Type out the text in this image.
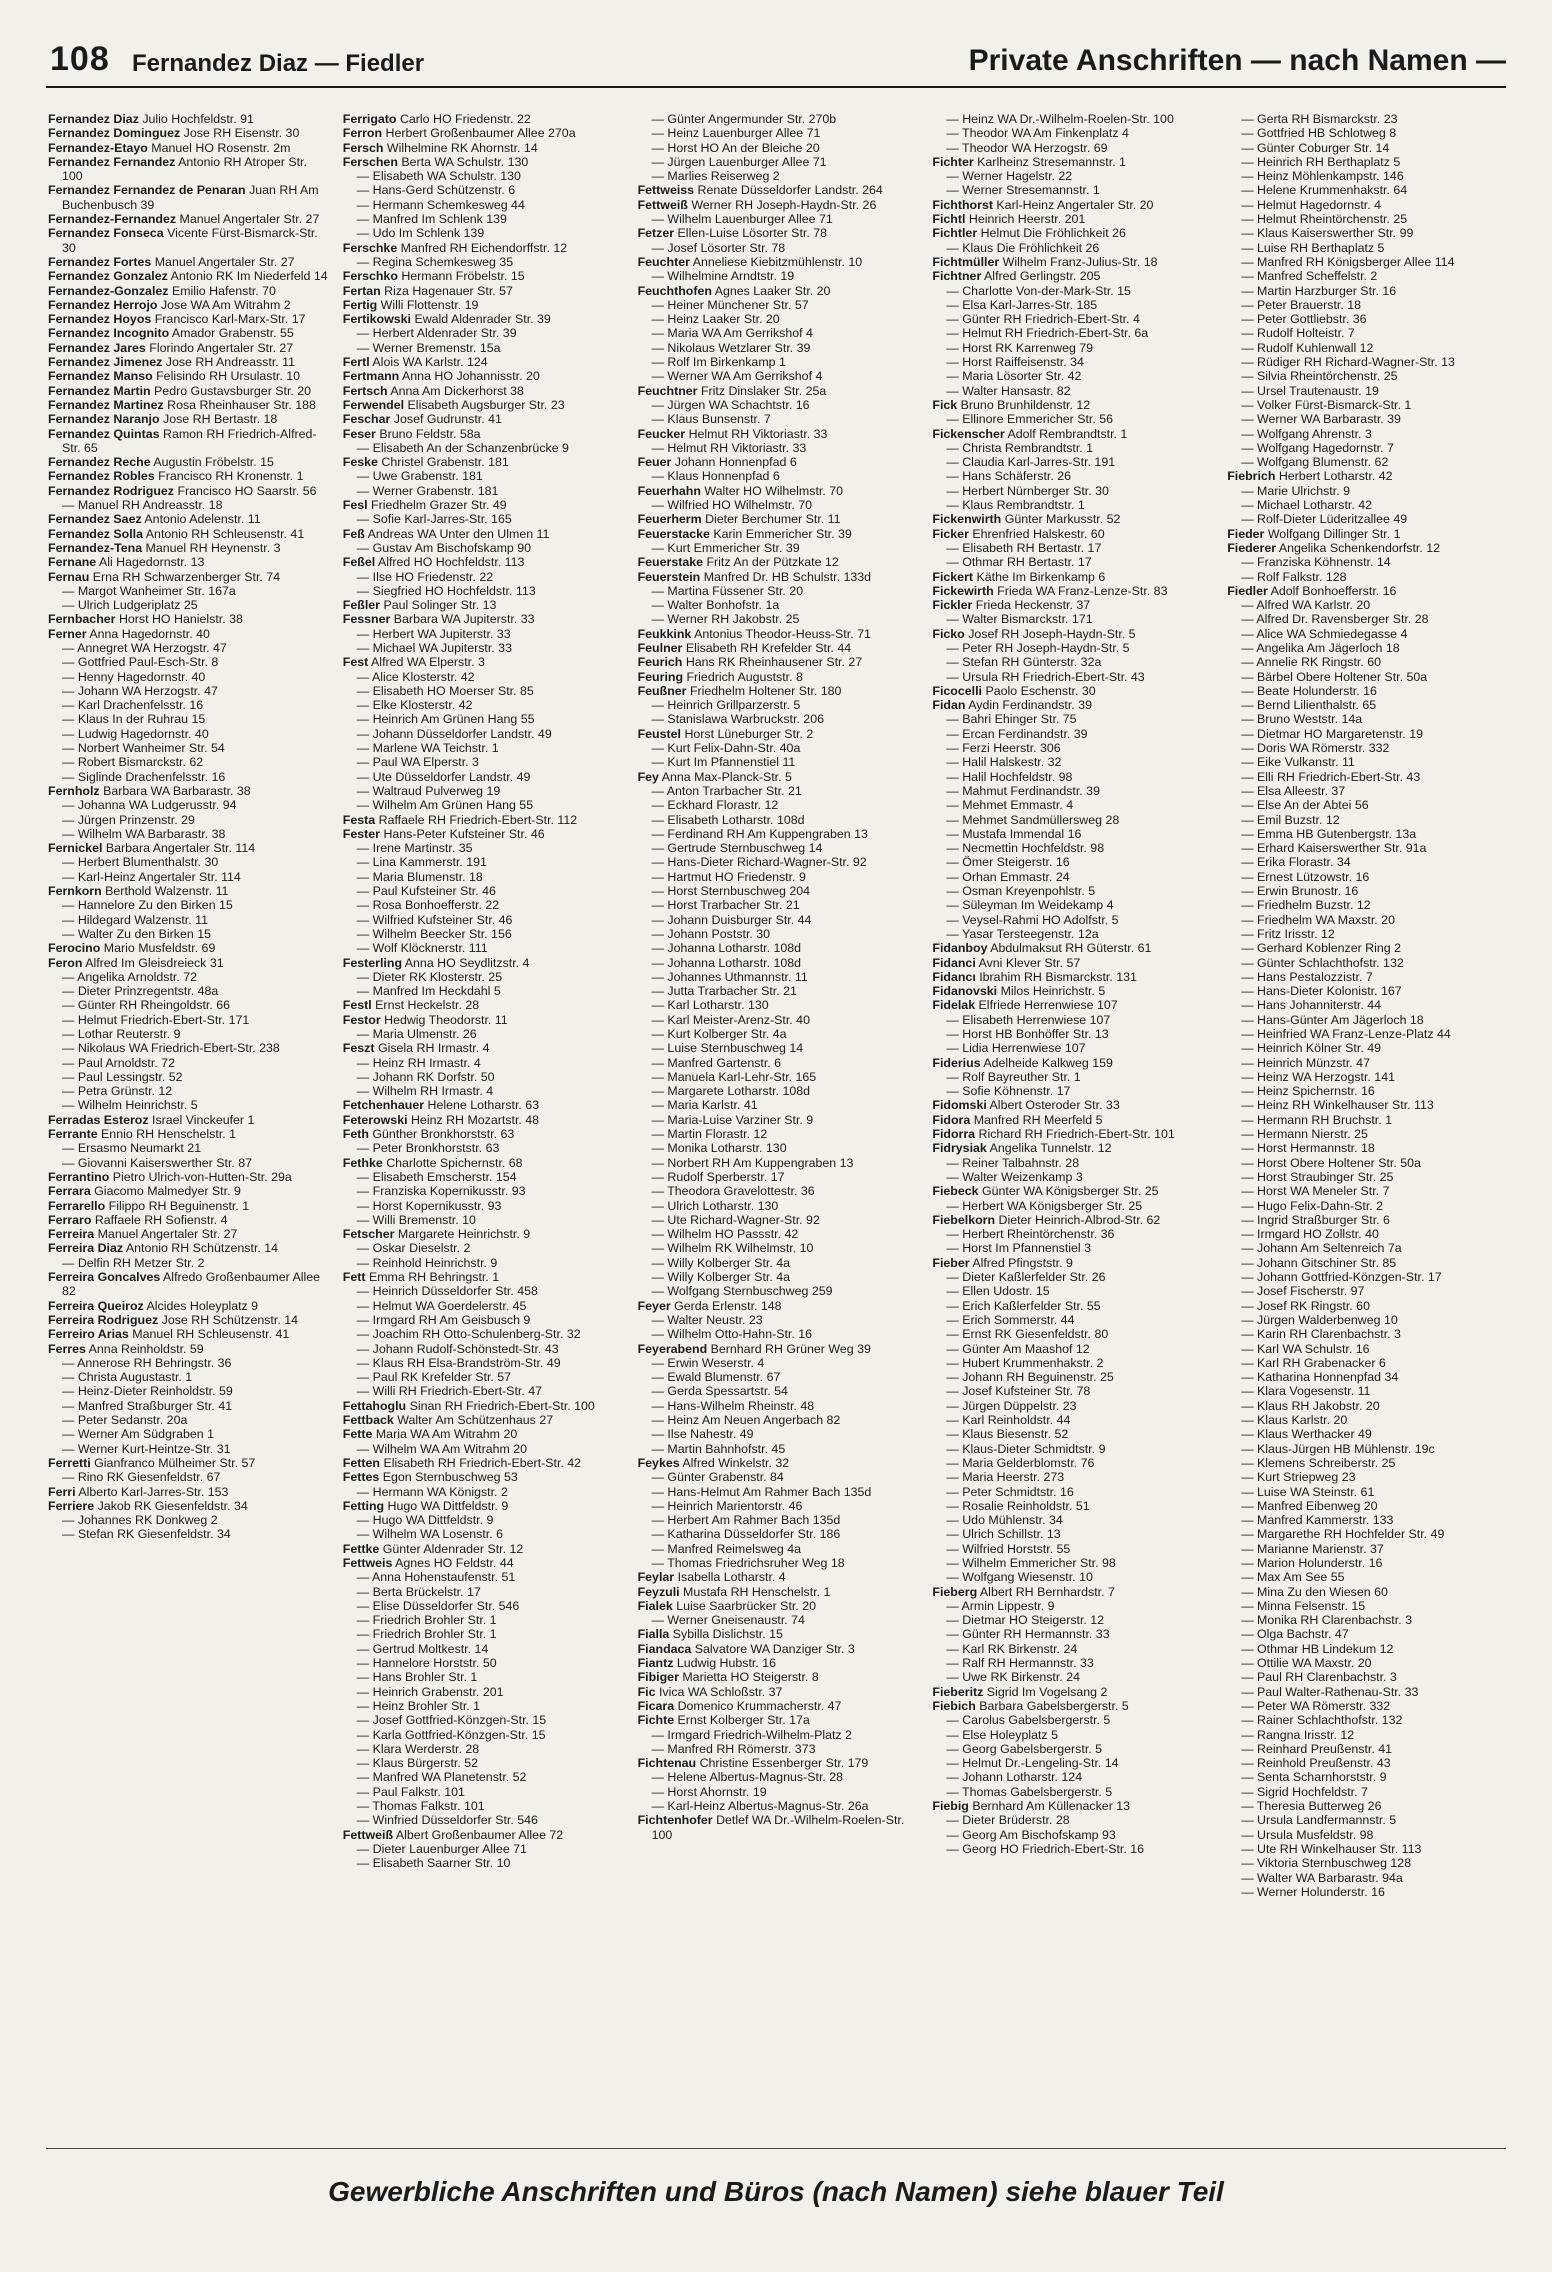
108 Fernandez Diaz — Fiedler	Private Anschriften — nach Namen —
Fernandez Diaz Julio Hochfeldstr. 91
Fernandez Dominguez Jose RH Eisenstr. 30
Fernandez-Etayo Manuel HO Rosenstr. 2m
Fernandez Fernandez Antonio RH Atroper Str. 100
Fernandez Fernandez de Penaran Juan RH Am Buchenbusch 39
Fernandez-Fernandez Manuel Angertaler Str. 27
Fernandez Fonseca Vicente Fürst-Bismarck-Str. 30
Fernandez Fortes Manuel Angertaler Str. 27
Fernandez Gonzalez Antonio RK Im Niederfeld 14
Fernandez-Gonzalez Emilio Hafenstr. 70
Fernandez Herrojo Jose WA Am Witrahm 2
Fernandez Hoyos Francisco Karl-Marx-Str. 17
Fernandez Incognito Amador Grabenstr. 55
Fernandez Jares Florindo Angertaler Str. 27
Fernandez Jimenez Jose RH Andreasstr. 11
Fernandez Manso Felisindo RH Ursulastr. 10
Fernandez Martin Pedro Gustavsburger Str. 20
Fernandez Martinez Rosa Rheinhauser Str. 188
Fernandez Naranjo Jose RH Bertastr. 18
Fernandez Quintas Ramon RH Friedrich-Alfred-Str. 65
Fernandez Reche Augustin Fröbelstr. 15
Fernandez Robles Francisco RH Kronenstr. 1
Fernandez Rodriguez Francisco HO Saarstr. 56
— Manuel RH Andreasstr. 18
Fernandez Saez Antonio Adelenstr. 11
Fernandez Solla Antonio RH Schleusenstr. 41
Fernandez-Tena Manuel RH Heynenstr. 3
Fernane Ali Hagedornstr. 13
Fernau Erna RH Schwarzenberger Str. 74
— Margot Wanheimer Str. 167a
— Ulrich Ludgeriplatz 25
Fernbacher Horst HO Hanielstr. 38
Ferner Anna Hagedornstr. 40
— Annegret WA Herzogstr. 47
— Gottfried Paul-Esch-Str. 8
— Henny Hagedornstr. 40
— Johann WA Herzogstr. 47
— Karl Drachenfelsstr. 16
— Klaus In der Ruhrau 15
— Ludwig Hagedornstr. 40
— Norbert Wanheimer Str. 54
— Robert Bismarckstr. 62
— Siglinde Drachenfelsstr. 16
Fernholz Barbara WA Barbarastr. 38
— Johanna WA Ludgerusstr. 94
— Jürgen Prinzenstr. 29
— Wilhelm WA Barbarastr. 38
Fernickel Barbara Angertaler Str. 114
— Herbert Blumenthalstr. 30
— Karl-Heinz Angertaler Str. 114
Fernkorn Berthold Walzenstr. 11
— Hannelore Zu den Birken 15
— Hildegard Walzenstr. 11
— Walter Zu den Birken 15
Ferocino Mario Musfeldstr. 69
Feron Alfred Im Gleisdreieck 31
— Angelika Arnoldstr. 72
— Dieter Prinzregentstr. 48a
— Günter RH Rheingoldstr. 66
— Helmut Friedrich-Ebert-Str. 171
— Lothar Reuterstr. 9
— Nikolaus WA Friedrich-Ebert-Str. 238
— Paul Arnoldstr. 72
— Paul Lessingstr. 52
— Petra Grünstr. 12
— Wilhelm Heinrichstr. 5
Ferradas Esteroz Israel Vinckeufer 1
Ferrante Ennio RH Henschelstr. 1
— Ersasmo Neumarkt 21
— Giovanni Kaiserswerther Str. 87
Ferrantino Pietro Ulrich-von-Hutten-Str. 29a
Ferrara Giacomo Malmedyer Str. 9
Ferrarello Filippo RH Beguinenstr. 1
Ferraro Raffaele RH Sofienstr. 4
Ferreira Manuel Angertaler Str. 27
Ferreira Diaz Antonio RH Schützenstr. 14
— Delfin RH Metzer Str. 2
Ferreira Goncalves Alfredo Großenbaumer Allee 82
Ferreira Queiroz Alcides Holeyplatz 9
Ferreira Rodriguez Jose RH Schützenstr. 14
Ferreiro Arias Manuel RH Schleusenstr. 41
Ferres Anna Reinholdstr. 59
— Annerose RH Behringstr. 36
— Christa Augustastr. 1
— Heinz-Dieter Reinholdstr. 59
— Manfred Straßburger Str. 41
— Peter Sedanstr. 20a
— Werner Am Südgraben 1
— Werner Kurt-Heintze-Str. 31
Ferretti Gianfranco Mülheimer Str. 57
— Rino RK Giesenfeldstr. 67
Ferri Alberto Karl-Jarres-Str. 153
Ferriere Jakob RK Giesenfeldstr. 34
— Johannes RK Donkweg 2
— Stefan RK Giesenfeldstr. 34
Ferrigato Carlo HO Friedenstr. 22
Ferron Herbert Großenbaumer Allee 270a
Fersch Wilhelmine RK Ahornstr. 14
Ferschen Berta WA Schulstr. 130
— Elisabeth WA Schulstr. 130
— Hans-Gerd Schützenstr. 6
— Hermann Schemkesweg 44
— Manfred Im Schlenk 139
— Udo Im Schlenk 139
Ferschke Manfred RH Eichendorffstr. 12
— Regina Schemkesweg 35
Ferschko Hermann Fröbelstr. 15
Fertan Riza Hagenauer Str. 57
Fertig Willi Flottenstr. 19
Fertikowski Ewald Aldenrader Str. 39
— Herbert Aldenrader Str. 39
— Werner Bremenstr. 15a
Fertl Alois WA Karlstr. 124
Fertmann Anna HO Johannisstr. 20
Fertsch Anna Am Dickerhorst 38
Ferwendel Elisabeth Augsburger Str. 23
Feschar Josef Gudrunstr. 41
Feser Bruno Feldstr. 58a
— Elisabeth An der Schanzenbrücke 9
Feske Christel Grabenstr. 181
— Uwe Grabenstr. 181
— Werner Grabenstr. 181
Fesl Friedhelm Grazer Str. 49
— Sofie Karl-Jarres-Str. 165
Feß Andreas WA Unter den Ulmen 11
— Gustav Am Bischofskamp 90
Feßel Alfred HO Hochfeldstr. 113
— Ilse HO Friedenstr. 22
— Siegfried HO Hochfeldstr. 113
Feßler Paul Solinger Str. 13
Fessner Barbara WA Jupiterstr. 33
— Herbert WA Jupiterstr. 33
— Michael WA Jupiterstr. 33
Fest Alfred WA Elperstr. 3
— Alice Klosterstr. 42
— Elisabeth HO Moerser Str. 85
— Elke Klosterstr. 42
— Heinrich Am Grünen Hang 55
— Johann Düsseldorfer Landstr. 49
— Marlene WA Teichstr. 1
— Paul WA Elperstr. 3
— Ute Düsseldorfer Landstr. 49
— Waltraud Pulverweg 19
— Wilhelm Am Grünen Hang 55
Festa Raffaele RH Friedrich-Ebert-Str. 112
Fester Hans-Peter Kufsteiner Str. 46
— Irene Martinstr. 35
— Lina Kammerstr. 191
— Maria Blumenstr. 18
— Paul Kufsteiner Str. 46
— Rosa Bonhoefferstr. 22
— Wilfried Kufsteiner Str. 46
— Wilhelm Beecker Str. 156
— Wolf Klöcknerstr. 111
Festerling Anna HO Seydlitzstr. 4
— Dieter RK Klosterstr. 25
— Manfred Im Heckdahl 5
Festl Ernst Heckelstr. 28
Festor Hedwig Theodorstr. 11
— Maria Ulmenstr. 26
Feszt Gisela RH Irmastr. 4
— Heinz RH Irmastr. 4
— Johann RK Dorfstr. 50
— Wilhelm RH Irmastr. 4
Fetchenhauer Helene Lotharstr. 63
Feterowski Heinz RH Mozartstr. 48
Feth Günther Bronkhorststr. 63
— Peter Bronkhorststr. 63
Fethke Charlotte Spichernstr. 68
— Elisabeth Emscherstr. 154
— Franziska Kopernikusstr. 93
— Horst Kopernikusstr. 93
— Willi Bremenstr. 10
Fetscher Margarete Heinrichstr. 9
— Oskar Dieselstr. 2
— Reinhold Heinrichstr. 9
Fett Emma RH Behringstr. 1
— Heinrich Düsseldorfer Str. 458
— Helmut WA Goerdelerstr. 45
— Irmgard RH Am Geisbusch 9
— Joachim RH Otto-Schulenberg-Str. 32
— Johann Rudolf-Schönstedt-Str. 43
— Klaus RH Elsa-Brandström-Str. 49
— Paul RK Krefelder Str. 57
— Willi RH Friedrich-Ebert-Str. 47
Fettahoglu Sinan RH Friedrich-Ebert-Str. 100
Fettback Walter Am Schützenhaus 27
Fette Maria WA Am Witrahm 20
— Wilhelm WA Am Witrahm 20
Fetten Elisabeth RH Friedrich-Ebert-Str. 42
Fettes Egon Sternbuschweg 53
— Hermann WA Königstr. 2
Fetting Hugo WA Dittfeldstr. 9
— Hugo WA Dittfeldstr. 9
— Wilhelm WA Losenstr. 6
Fettke Günter Aldenrader Str. 12
Fettweis Agnes HO Feldstr. 44
— Anna Hohenstaufenstr. 51
— Berta Brückelstr. 17
— Elise Düsseldorfer Str. 546
— Friedrich Brohler Str. 1
— Friedrich Brohler Str. 1
— Gertrud Moltkestr. 14
— Hannelore Horststr. 50
— Hans Brohler Str. 1
— Heinrich Grabenstr. 201
— Heinz Brohler Str. 1
— Josef Gottfried-Könzgen-Str. 15
— Karla Gottfried-Könzgen-Str. 15
— Klara Werderstr. 28
— Klaus Bürgerstr. 52
— Manfred WA Planetenstr. 52
— Paul Falkstr. 101
— Thomas Falkstr. 101
— Winfried Düsseldorfer Str. 546
Fettweiß Albert Großenbaumer Allee 72
— Dieter Lauenburger Allee 71
— Elisabeth Saarner Str. 10
— Günter Angermunder Str. 270b
— Heinz Lauenburger Allee 71
— Horst HO An der Bleiche 20
— Jürgen Lauenburger Allee 71
— Marlies Reiserweg 2
Fettweiss Renate Düsseldorfer Landstr. 264
Fettweiß Werner RH Joseph-Haydn-Str. 26
— Wilhelm Lauenburger Allee 71
Fetzer Ellen-Luise Lösorter Str. 78
— Josef Lösorter Str. 78
Feuchter Anneliese Kiebitzmühlenstr. 10
— Wilhelmine Arndtstr. 19
Feuchthofen Agnes Laaker Str. 20
— Heiner Münchener Str. 57
— Heinz Laaker Str. 20
— Maria WA Am Gerrikshof 4
— Nikolaus Wetzlarer Str. 39
— Rolf Im Birkenkamp 1
— Werner WA Am Gerrikshof 4
Feuchtner Fritz Dinslaker Str. 25a
— Jürgen WA Schachtstr. 16
— Klaus Bunsenstr. 7
Feucker Helmut RH Viktoriastr. 33
— Helmut RH Viktoriastr. 33
Feuer Johann Honnenpfad 6
— Klaus Honnenpfad 6
Feuerhahn Walter HO Wilhelmstr. 70
— Wilfried HO Wilhelmstr. 70
Feuerherm Dieter Berchumer Str. 11
Feuerstacke Karin Emmericher Str. 39
— Kurt Emmericher Str. 39
Feuerstake Fritz An der Pützkate 12
Feuerstein Manfred Dr. HB Schulstr. 133d
— Martina Füssener Str. 20
— Walter Bonhofstr. 1a
— Werner RH Jakobstr. 25
Feukkink Antonius Theodor-Heuss-Str. 71
Feulner Elisabeth RH Krefelder Str. 44
Feurich Hans RK Rheinhausener Str. 27
Feuring Friedrich Auguststr. 8
Feußner Friedhelm Holtener Str. 180
— Heinrich Grillparzerstr. 5
— Stanislawa Warbruckstr. 206
Feustel Horst Lüneburger Str. 2
— Kurt Felix-Dahn-Str. 40a
— Kurt Im Pfannenstiel 11
Fey Anna Max-Planck-Str. 5
— Anton Trarbacher Str. 21
— Eckhard Florastr. 12
— Elisabeth Lotharstr. 108d
— Ferdinand RH Am Kuppengraben 13
— Gertrude Sternbuschweg 14
— Hans-Dieter Richard-Wagner-Str. 92
— Hartmut HO Friedenstr. 9
— Horst Sternbuschweg 204
— Horst Trarbacher Str. 21
— Johann Duisburger Str. 44
— Johann Poststr. 30
— Johanna Lotharstr. 108d
— Johanna Lotharstr. 108d
— Johannes Uthmannstr. 11
— Jutta Trarbacher Str. 21
— Karl Lotharstr. 130
— Karl Meister-Arenz-Str. 40
— Kurt Kolberger Str. 4a
— Luise Sternbuschweg 14
— Manfred Gartenstr. 6
— Manuela Karl-Lehr-Str. 165
— Margarete Lotharstr. 108d
— Maria Karlstr. 41
— Maria-Luise Varziner Str. 9
— Martin Florastr. 12
— Monika Lotharstr. 130
— Norbert RH Am Kuppengraben 13
— Rudolf Sperberstr. 17
— Theodora Gravelottestr. 36
— Ulrich Lotharstr. 130
— Ute Richard-Wagner-Str. 92
— Wilhelm HO Passstr. 42
— Wilhelm RK Wilhelmstr. 10
— Willy Kolberger Str. 4a
— Willy Kolberger Str. 4a
— Wolfgang Sternbuschweg 259
Feyer Gerda Erlenstr. 148
— Walter Neustr. 23
— Wilhelm Otto-Hahn-Str. 16
Feyerabend Bernhard RH Grüner Weg 39
— Erwin Weserstr. 4
— Ewald Blumenstr. 67
— Gerda Spessartstr. 54
— Hans-Wilhelm Rheinstr. 48
— Heinz Am Neuen Angerbach 82
— Ilse Nahestr. 49
— Martin Bahnhofstr. 45
Feykes Alfred Winkelstr. 32
— Günter Grabenstr. 84
— Hans-Helmut Am Rahmer Bach 135d
— Heinrich Marientorstr. 46
— Herbert Am Rahmer Bach 135d
— Katharina Düsseldorfer Str. 186
— Manfred Reimelsweg 4a
— Thomas Friedrichsruher Weg 18
Feylar Isabella Lotharstr. 4
Feyzuli Mustafa RH Henschelstr. 1
Fialek Luise Saarbrücker Str. 20
— Werner Gneisenaustr. 74
Fialla Sybilla Dislichstr. 15
Fiandaca Salvatore WA Danziger Str. 3
Fiantz Ludwig Hubstr. 16
Fibiger Marietta HO Steigerstr. 8
Fic Ivica WA Schloßstr. 37
Ficara Domenico Krummacherstr. 47
Fichte Ernst Kolberger Str. 17a
— Irmgard Friedrich-Wilhelm-Platz 2
— Manfred RH Römerstr. 373
Fichtenau Christine Essenberger Str. 179
— Helene Albertus-Magnus-Str. 28
— Horst Ahornstr. 19
— Karl-Heinz Albertus-Magnus-Str. 26a
Fichtenhofer Detlef WA Dr.-Wilhelm-Roelen-Str. 100
— Heinz WA Dr.-Wilhelm-Roelen-Str. 100
— Theodor WA Am Finkenplatz 4
— Theodor WA Herzogstr. 69
Fichter Karlheinz Stresemannstr. 1
— Werner Hagelstr. 22
— Werner Stresemannstr. 1
Fichthorst Karl-Heinz Angertaler Str. 20
Fichtl Heinrich Heerstr. 201
Fichtler Helmut Die Fröhlichkeit 26
— Klaus Die Fröhlichkeit 26
Fichtmüller Wilhelm Franz-Julius-Str. 18
Fichtner Alfred Gerlingstr. 205
— Charlotte Von-der-Mark-Str. 15
— Elsa Karl-Jarres-Str. 185
— Günter RH Friedrich-Ebert-Str. 4
— Helmut RH Friedrich-Ebert-Str. 6a
— Horst RK Karrenweg 79
— Horst Raiffeisenstr. 34
— Maria Lösorter Str. 42
— Walter Hansastr. 82
Fick Bruno Brunhildenstr. 12
— Ellinore Emmericher Str. 56
Fickenscher Adolf Rembrandtstr. 1
— Christa Rembrandtstr. 1
— Claudia Karl-Jarres-Str. 191
— Hans Schäferstr. 26
— Herbert Nürnberger Str. 30
— Klaus Rembrandtstr. 1
Fickenwirth Günter Markusstr. 52
Ficker Ehrenfried Halskestr. 60
— Elisabeth RH Bertastr. 17
— Othmar RH Bertastr. 17
Fickert Käthe Im Birkenkamp 6
Fickewirth Frieda WA Franz-Lenze-Str. 83
Fickler Frieda Heckenstr. 37
— Walter Bismarckstr. 171
Ficko Josef RH Joseph-Haydn-Str. 5
— Peter RH Joseph-Haydn-Str. 5
— Stefan RH Günterstr. 32a
— Ursula RH Friedrich-Ebert-Str. 43
Ficocelli Paolo Eschenstr. 30
Fidan Aydin Ferdinandstr. 39
— Bahri Ehinger Str. 75
— Ercan Ferdinandstr. 39
— Ferzi Heerstr. 306
— Halil Halskestr. 32
— Halil Hochfeldstr. 98
— Mahmut Ferdinandstr. 39
— Mehmet Emmastr. 4
— Mehmet Sandmüllersweg 28
— Mustafa Immendal 16
— Necmettin Hochfeldstr. 98
— Ömer Steigerstr. 16
— Orhan Emmastr. 24
— Osman Kreyenpohlstr. 5
— Süleyman Im Weidekamp 4
— Veysel-Rahmi HO Adolfstr. 5
— Yasar Tersteegenstr. 12a
Fidanboy Abdulmaksut RH Güterstr. 61
Fidanci Avni Klever Str. 57
Fidancı Ibrahim RH Bismarckstr. 131
Fidanovski Milos Heinrichstr. 5
Fidelak Elfriede Herrenwiese 107
— Elisabeth Herrenwiese 107
— Horst HB Bonhöffer Str. 13
— Lidia Herrenwiese 107
Fiderius Adelheide Kalkweg 159
— Rolf Bayreuther Str. 1
— Sofie Köhnenstr. 17
Fidomski Albert Osteroder Str. 33
Fidora Manfred RH Meerfeld 5
Fidorra Richard RH Friedrich-Ebert-Str. 101
Fidrysiak Angelika Tunnelstr. 12
— Reiner Talbahnstr. 28
— Walter Weizenkamp 3
Fiebeck Günter WA Königsberger Str. 25
— Herbert WA Königsberger Str. 25
Fiebelkorn Dieter Heinrich-Albrod-Str. 62
— Herbert Rheintörchenstr. 36
— Horst Im Pfannenstiel 3
Fieber Alfred Pfingststr. 9
— Dieter Kaßlerfelder Str. 26
— Ellen Udostr. 15
— Erich Kaßlerfelder Str. 55
— Erich Sommerstr. 44
— Ernst RK Giesenfeldstr. 80
— Günter Am Maashof 12
— Hubert Krummenhakstr. 2
— Johann RH Beguinenstr. 25
— Josef Kufsteiner Str. 78
— Jürgen Düppelstr. 23
— Karl Reinholdstr. 44
— Klaus Biesenstr. 52
— Klaus-Dieter Schmidtstr. 9
— Maria Gelderblomstr. 76
— Maria Heerstr. 273
— Peter Schmidtstr. 16
— Rosalie Reinholdstr. 51
— Udo Mühlenstr. 34
— Ulrich Schillstr. 13
— Wilfried Horststr. 55
— Wilhelm Emmericher Str. 98
— Wolfgang Wiesenstr. 10
Fieberg Albert RH Bernhardstr. 7
— Armin Lippestr. 9
— Dietmar HO Steigerstr. 12
— Günter RH Hermannstr. 33
— Karl RK Birkenstr. 24
— Ralf RH Hermannstr. 33
— Uwe RK Birkenstr. 24
Fieberitz Sigrid Im Vogelsang 2
Fiebich Barbara Gabelsbergerstr. 5
— Carolus Gabelsbergerstr. 5
— Else Holeyplatz 5
— Georg Gabelsbergerstr. 5
— Helmut Dr.-Lengeling-Str. 14
— Johann Lotharstr. 124
— Thomas Gabelsbergerstr. 5
Fiebig Bernhard Am Küllenacker 13
— Dieter Brüderstr. 28
— Georg Am Bischofskamp 93
— Georg HO Friedrich-Ebert-Str. 16
— Gerta RH Bismarckstr. 23
— Gottfried HB Schlotweg 8
— Günter Coburger Str. 14
— Heinrich RH Berthaplatz 5
— Heinz Möhlenkampstr. 146
— Helene Krummenhakstr. 64
— Helmut Hagedornstr. 4
— Helmut Rheintörchenstr. 25
— Klaus Kaiserswerther Str. 99
— Luise RH Berthaplatz 5
— Manfred RH Königsberger Allee 114
— Manfred Scheffelstr. 2
— Martin Harzburger Str. 16
— Peter Brauerstr. 18
— Peter Gottliebstr. 36
— Rudolf Holteistr. 7
— Rudolf Kuhlenwall 12
— Rüdiger RH Richard-Wagner-Str. 13
— Silvia Rheintörchenstr. 25
— Ursel Trautenaustr. 19
— Volker Fürst-Bismarck-Str. 1
— Werner WA Barbarastr. 39
— Wolfgang Ahrenstr. 3
— Wolfgang Hagedornstr. 7
— Wolfgang Blumenstr. 62
Fiebrich Herbert Lotharstr. 42
— Marie Ulrichstr. 9
— Michael Lotharstr. 42
— Rolf-Dieter Lüderitzallee 49
Fieder Wolfgang Dillinger Str. 1
Fiederer Angelika Schenkendorfstr. 12
— Franziska Köhnenstr. 14
— Rolf Falkstr. 128
Fiedler Adolf Bonhoefferstr. 16
— Alfred WA Karlstr. 20
— Alfred Dr. Ravensberger Str. 28
— Alice WA Schmiedegasse 4
— Angelika Am Jägerloch 18
— Annelie RK Ringstr. 60
— Bärbel Obere Holtener Str. 50a
— Beate Holunderstr. 16
— Bernd Lilienthalstr. 65
— Bruno Weststr. 14a
— Dietmar HO Margaretenstr. 19
— Doris WA Römerstr. 332
— Eike Vulkanstr. 11
— Elli RH Friedrich-Ebert-Str. 43
— Elsa Alleestr. 37
— Else An der Abtei 56
— Emil Buzstr. 12
— Emma HB Gutenbergstr. 13a
— Erhard Kaiserswerther Str. 91a
— Erika Florastr. 34
— Ernest Lützowstr. 16
— Erwin Brunostr. 16
— Friedhelm Buzstr. 12
— Friedhelm WA Maxstr. 20
— Fritz Irisstr. 12
— Gerhard Koblenzer Ring 2
— Günter Schlachthofstr. 132
— Hans Pestalozzistr. 7
— Hans-Dieter Kolonistr. 167
— Hans Johanniterstr. 44
— Hans-Günter Am Jägerloch 18
— Heinfried WA Franz-Lenze-Platz 44
— Heinrich Kölner Str. 49
— Heinrich Münzstr. 47
— Heinz WA Herzogstr. 141
— Heinz Spichernstr. 16
— Heinz RH Winkelhauser Str. 113
— Hermann RH Bruchstr. 1
— Hermann Nierstr. 25
— Horst Hermannstr. 18
— Horst Obere Holtener Str. 50a
— Horst Straubinger Str. 25
— Horst WA Meneler Str. 7
— Hugo Felix-Dahn-Str. 2
— Ingrid Straßburger Str. 6
— Irmgard HO Zollstr. 40
— Johann Am Seltenreich 7a
— Johann Gitschiner Str. 85
— Johann Gottfried-Könzgen-Str. 17
— Josef Fischerstr. 97
— Josef RK Ringstr. 60
— Jürgen Walderbenweg 10
— Karin RH Clarenbachstr. 3
— Karl WA Schulstr. 16
— Karl RH Grabenacker 6
— Katharina Honnenpfad 34
— Klara Vogesenstr. 11
— Klaus RH Jakobstr. 20
— Klaus Karlstr. 20
— Klaus Werthacker 49
— Klaus-Jürgen HB Mühlenstr. 19c
— Klemens Schreiberstr. 25
— Kurt Striepweg 23
— Luise WA Steinstr. 61
— Manfred Eibenweg 20
— Manfred Kammerstr. 133
— Margarethe RH Hochfelder Str. 49
— Marianne Marienstr. 37
— Marion Holunderstr. 16
— Max Am See 55
— Mina Zu den Wiesen 60
— Minna Felsenstr. 15
— Monika RH Clarenbachstr. 3
— Olga Bachstr. 47
— Othmar HB Lindekum 12
— Ottilie WA Maxstr. 20
— Paul RH Clarenbachstr. 3
— Paul Walter-Rathenau-Str. 33
— Peter WA Römerstr. 332
— Rainer Schlachthofstr. 132
— Rangna Irisstr. 12
— Reinhard Preußenstr. 41
— Reinhold Preußenstr. 43
— Senta Scharnhorststr. 9
— Sigrid Hochfeldstr. 7
— Theresia Butterweg 26
— Ursula Landfermannstr. 5
— Ursula Musfeldstr. 98
— Ute RH Winkelhauser Str. 113
— Viktoria Sternbuschweg 128
— Walter WA Barbarastr. 94a
— Werner Holunderstr. 16
Gewerbliche Anschriften und Büros (nach Namen) siehe blauer Teil
